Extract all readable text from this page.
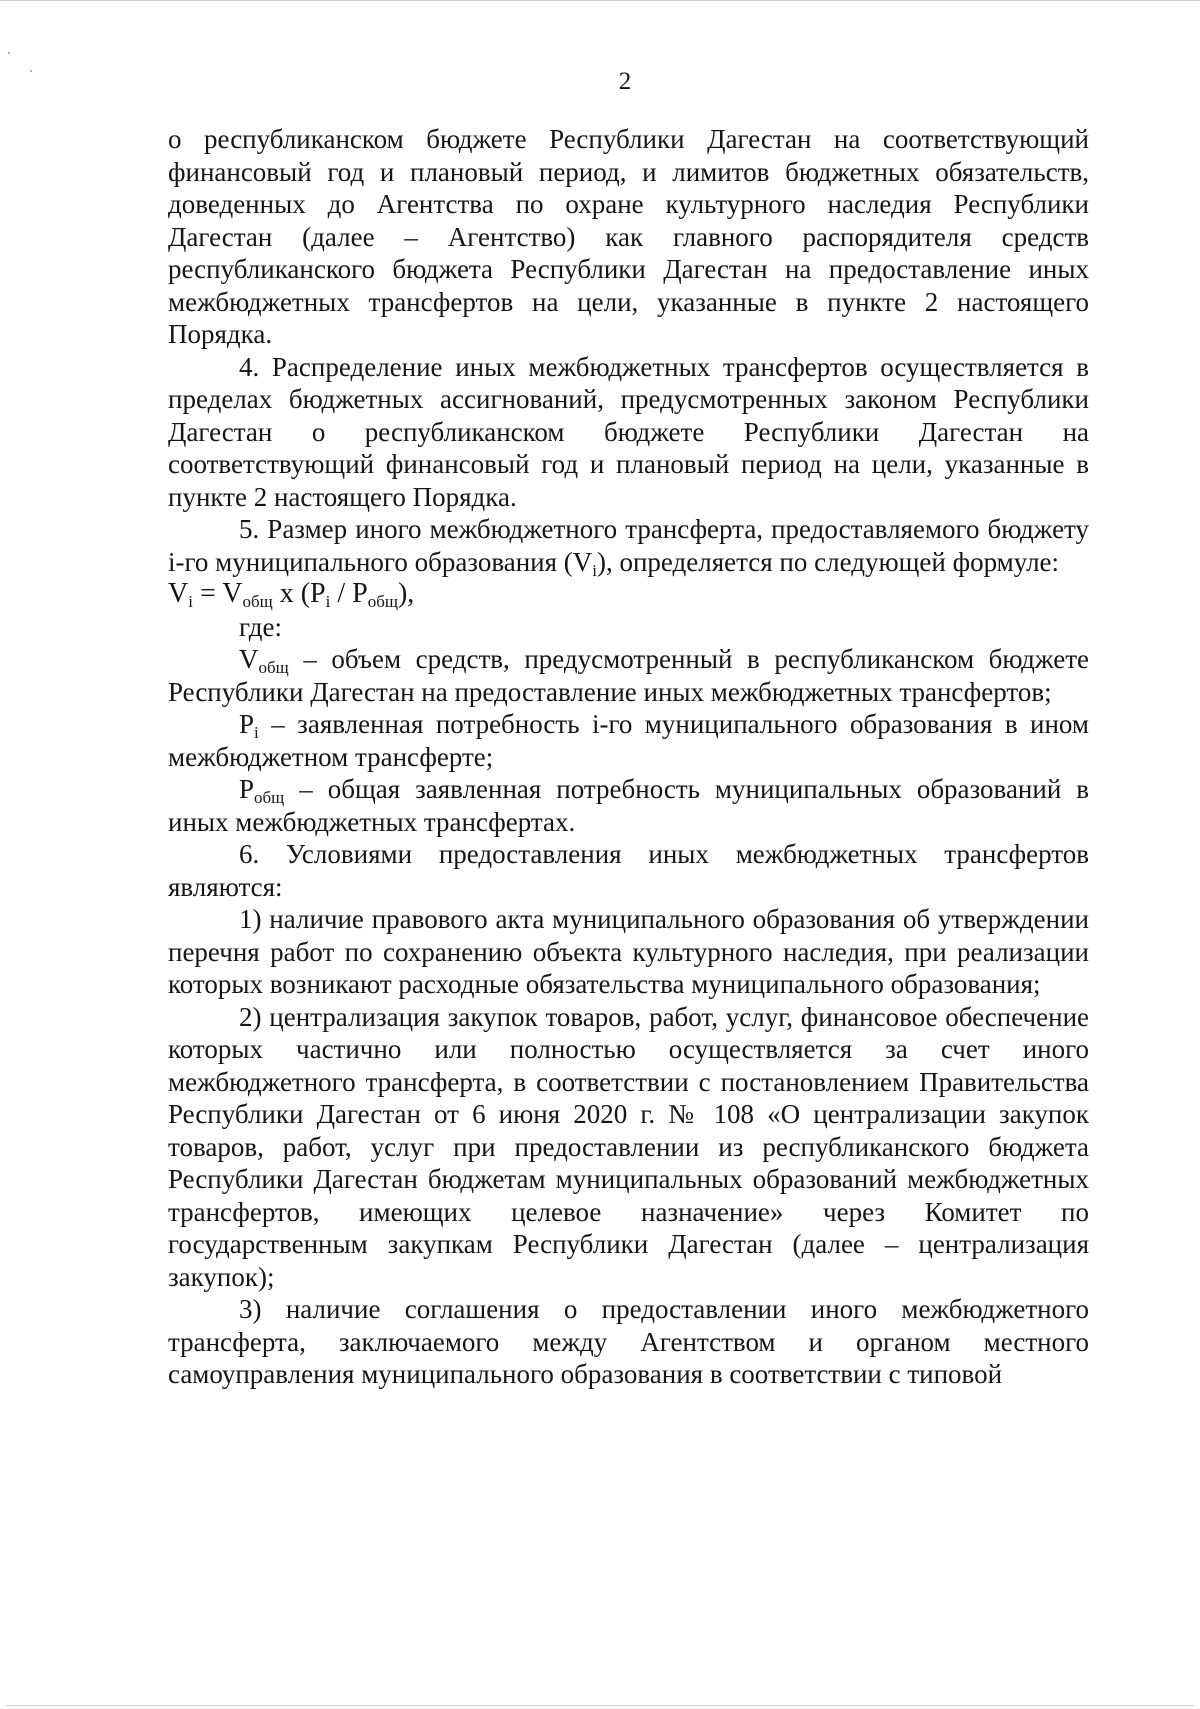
2

о республиканском бюджете Республики Дагестан на соответствующий финансовый год и плановый период, и лимитов бюджетных обязательств, доведенных до Агентства по охране культурного наследия Республики Дагестан (далее – Агентство) как главного распорядителя средств республиканского бюджета Республики Дагестан на предоставление иных межбюджетных трансфертов на цели, указанные в пункте 2 настоящего Порядка.

4. Распределение иных межбюджетных трансфертов осуществляется в пределах бюджетных ассигнований, предусмотренных законом Республики Дагестан о республиканском бюджете Республики Дагестан на соответствующий финансовый год и плановый период на цели, указанные в пункте 2 настоящего Порядка.

5. Размер иного межбюджетного трансферта, предоставляемого бюджету i-го муниципального образования $(V_i)$, определяется по следующей формуле:

$V_i = V_{общ}$ x $(P_i / P_{общ})$,

где:

$V_{общ}$ – объем средств, предусмотренный в республиканском бюджете Республики Дагестан на предоставление иных межбюджетных трансфертов;

$P_i$ – заявленная потребность i-го муниципального образования в ином межбюджетном трансферте;

$P_{общ}$ – общая заявленная потребность муниципальных образований в иных межбюджетных трансфертах.

6. Условиями предоставления иных межбюджетных трансфертов являются:

1) наличие правового акта муниципального образования об утверждении перечня работ по сохранению объекта культурного наследия, при реализации которых возникают расходные обязательства муниципального образования;

2) централизация закупок товаров, работ, услуг, финансовое обеспечение которых частично или полностью осуществляется за счет иного межбюджетного трансферта, в соответствии с постановлением Правительства Республики Дагестан от 6 июня 2020 г. № 108 «О централизации закупок товаров, работ, услуг при предоставлении из республиканского бюджета Республики Дагестан бюджетам муниципальных образований межбюджетных трансфертов, имеющих целевое назначение» через Комитет по государственным закупкам Республики Дагестан (далее – централизация закупок);

3) наличие соглашения о предоставлении иного межбюджетного трансферта, заключаемого между Агентством и органом местного самоуправления муниципального образования в соответствии с типовой
